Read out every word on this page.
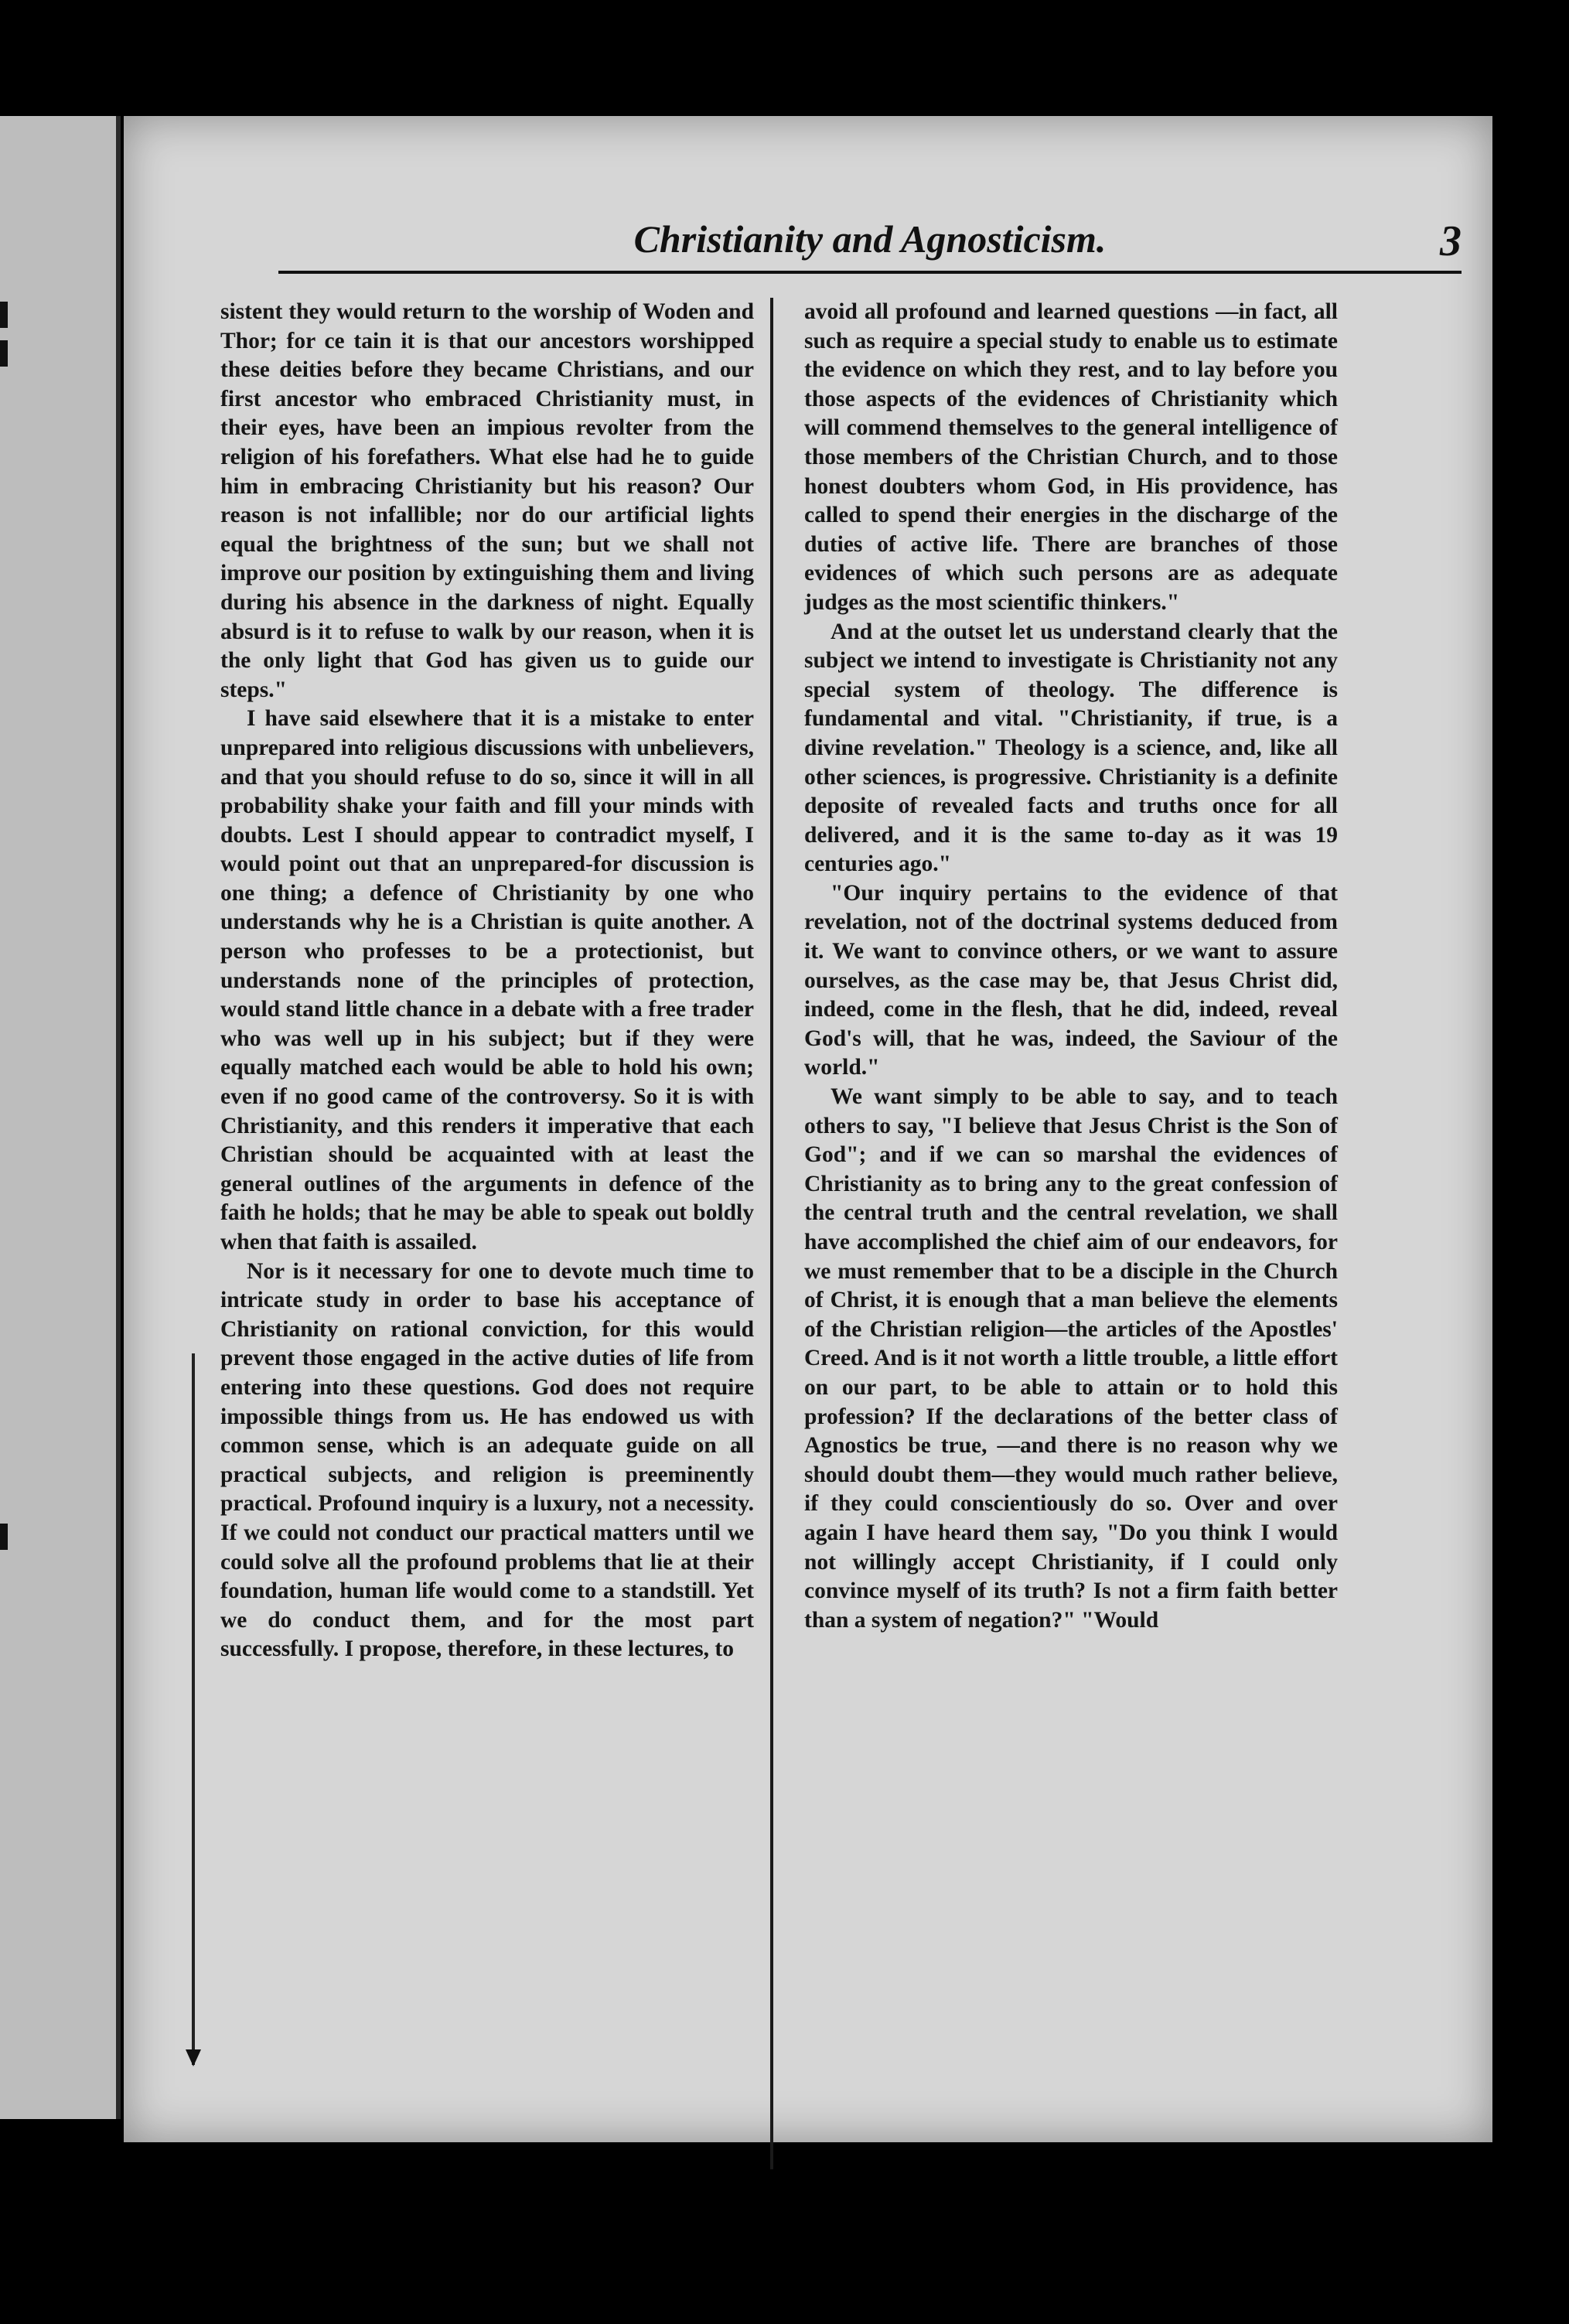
Christianity and Agnosticism.	3

sistent they would return to the worship of Woden and Thor; for ce tain it is that our ancestors worshipped these deities before they became Christians, and our first ancestor who embraced Christianity must, in their eyes, have been an impious revolter from the religion of his forefathers. What else had he to guide him in embracing Christianity but his reason? Our reason is not infallible; nor do our artificial lights equal the brightness of the sun; but we shall not improve our position by extinguishing them and living during his absence in the darkness of night. Equally absurd is it to refuse to walk by our reason, when it is the only light that God has given us to guide our steps."

I have said elsewhere that it is a mistake to enter unprepared into religious discussions with unbelievers, and that you should refuse to do so, since it will in all probability shake your faith and fill your minds with doubts. Lest I should appear to contradict myself, I would point out that an unprepared-for discussion is one thing; a defence of Christianity by one who understands why he is a Christian is quite another. A person who professes to be a protectionist, but understands none of the principles of protection, would stand little chance in a debate with a free trader who was well up in his subject; but if they were equally matched each would be able to hold his own; even if no good came of the controversy. So it is with Christianity, and this renders it imperative that each Christian should be acquainted with at least the general outlines of the arguments in defence of the faith he holds; that he may be able to speak out boldly when that faith is assailed.

Nor is it necessary for one to devote much time to intricate study in order to base his acceptance of Christianity on rational conviction, for this would prevent those engaged in the active duties of life from entering into these questions. God does not require impossible things from us. He has endowed us with common sense, which is an adequate guide on all practical subjects, and religion is preeminently practical. Profound inquiry is a luxury, not a necessity. If we could not conduct our practical matters until we could solve all the profound problems that lie at their foundation, human life would come to a standstill. Yet we do conduct them, and for the most part successfully. I propose, therefore, in these lectures, to

avoid all profound and learned questions —in fact, all such as require a special study to enable us to estimate the evidence on which they rest, and to lay before you those aspects of the evidences of Christianity which will commend themselves to the general intelligence of those members of the Christian Church, and to those honest doubters whom God, in His providence, has called to spend their energies in the discharge of the duties of active life. There are branches of those evidences of which such persons are as adequate judges as the most scientific thinkers."

And at the outset let us understand clearly that the subject we intend to investigate is Christianity not any special system of theology. The difference is fundamental and vital. "Christianity, if true, is a divine revelation." Theology is a science, and, like all other sciences, is progressive. Christianity is a definite deposite of revealed facts and truths once for all delivered, and it is the same to-day as it was 19 centuries ago."

"Our inquiry pertains to the evidence of that revelation, not of the doctrinal systems deduced from it. We want to convince others, or we want to assure ourselves, as the case may be, that Jesus Christ did, indeed, come in the flesh, that he did, indeed, reveal God's will, that he was, indeed, the Saviour of the world."

We want simply to be able to say, and to teach others to say, "I believe that Jesus Christ is the Son of God"; and if we can so marshal the evidences of Christianity as to bring any to the great confession of the central truth and the central revelation, we shall have accomplished the chief aim of our endeavors, for we must remember that to be a disciple in the Church of Christ, it is enough that a man believe the elements of the Christian religion—the articles of the Apostles' Creed. And is it not worth a little trouble, a little effort on our part, to be able to attain or to hold this profession? If the declarations of the better class of Agnostics be true, —and there is no reason why we should doubt them—they would much rather believe, if they could conscientiously do so. Over and over again I have heard them say, "Do you think I would not willingly accept Christianity, if I could only convince myself of its truth? Is not a firm faith better than a system of negation?" "Would
